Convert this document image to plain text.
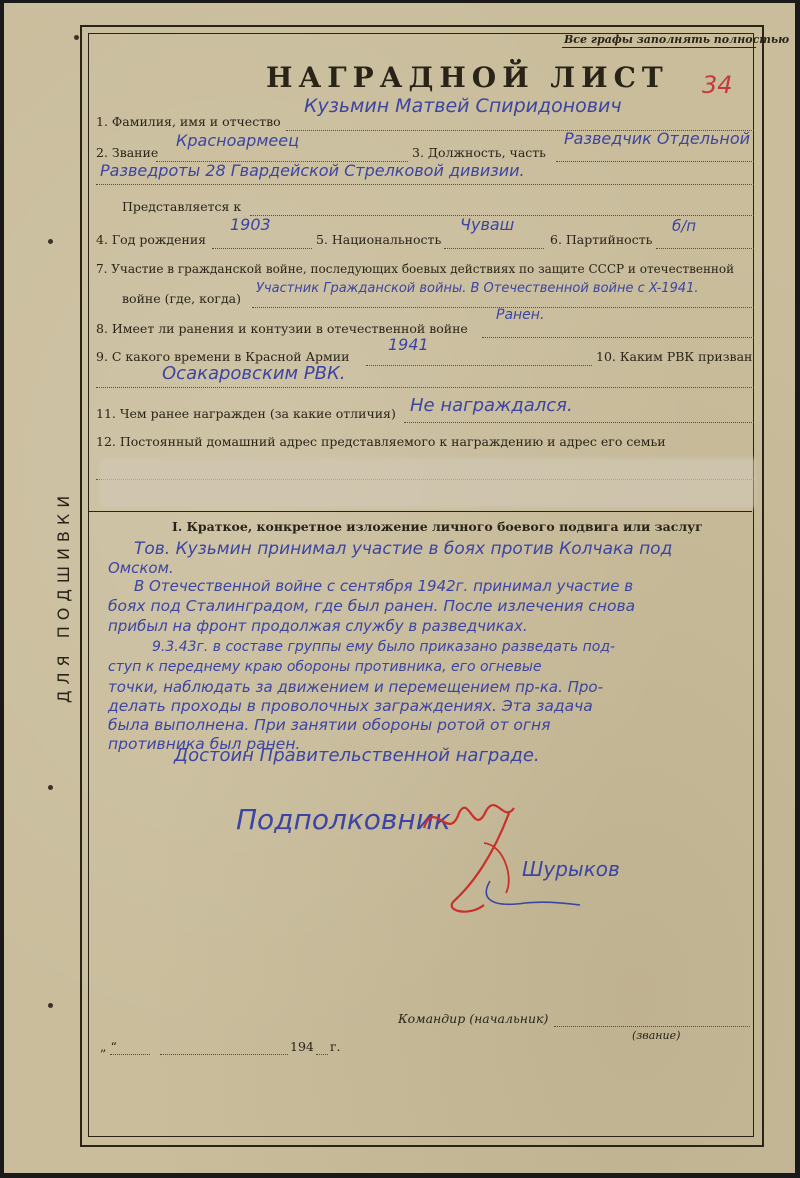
ДЛЯ ПОДШИВКИ
Все графы заполнять полностью
НАГРАДНОЙ ЛИСТ 34
1. Фамилия, имя и отчество
Кузьмин Матвей Спиридонович
2. Звание
Красноармеец
3. Должность, часть
Разведчик Отдельной
Разведроты 28 Гвардейской Стрелковой дивизии.
Представляется к
4. Год рождения
1903
5. Национальность
Чуваш
6. Партийность
б/п
7. Участие в гражданской войне, последующих боевых действиях по защите СССР и отечественной
войне (где, когда)
Участник Гражданской войны. В Отечественной войне с X-1941.
8. Имеет ли ранения и контузии в отечественной войне
Ранен.
9. С какого времени в Красной Армии
1941
10. Каким РВК призван
Осакаровским РВК.
11. Чем ранее награжден (за какие отличия) Не награждался.
12. Постоянный домашний адрес представляемого к награждению и адрес его семьи
I. Краткое, конкретное изложение личного боевого подвига или заслуг
Тов. Кузьмин принимал участие в боях против Колчака под
Омском.
В Отечественной войне с сентября 1942г. принимал участие в
боях под Сталинградом, где был ранен. После излечения снова
прибыл на фронт продолжая службу в разведчиках.
9.3.43г. в составе группы ему было приказано разведать под-
ступ к переднему краю обороны противника, его огневые
точки, наблюдать за движением и перемещением пр-ка. Про-
делать проходы в проволочных заграждениях. Эта задача
была выполнена. При занятии обороны ротой от огня
противника был ранен.
Достоин Правительственной награде.
Подполковник
Шурыков
Командир (начальник)
(звание)
„ “	194 г.
